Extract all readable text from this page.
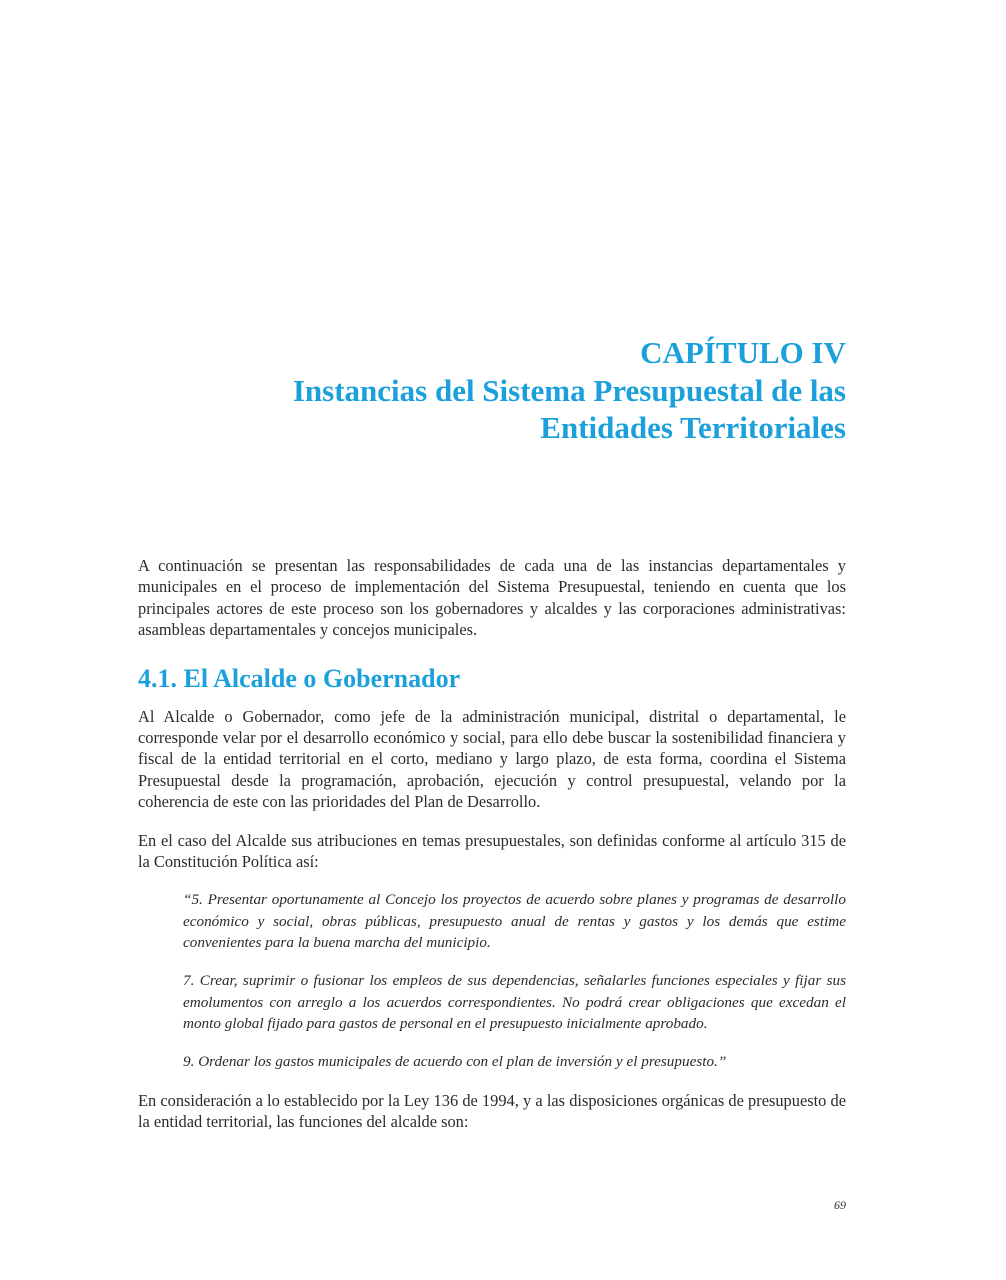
CAPÍTULO IV
Instancias del Sistema Presupuestal de las
Entidades Territoriales

A continuación se presentan las responsabilidades de cada una de las instancias departamentales y municipales en el proceso de implementación del Sistema Presupuestal, teniendo en cuenta que los principales actores de este proceso son los gobernadores y alcaldes y las corporaciones administrativas: asambleas departamentales y concejos municipales.

4.1. El Alcalde o Gobernador

Al Alcalde o Gobernador, como jefe de la administración municipal, distrital o departamental, le corresponde velar por el desarrollo económico y social, para ello debe buscar la sostenibilidad financiera y fiscal de la entidad territorial en el corto, mediano y largo plazo, de esta forma, coordina el Sistema Presupuestal desde la programación, aprobación, ejecución y control presupuestal, velando por la coherencia de este con las prioridades del Plan de Desarrollo.

En el caso del Alcalde sus atribuciones en temas presupuestales, son definidas conforme al artículo 315 de la Constitución Política así:

“5. Presentar oportunamente al Concejo los proyectos de acuerdo sobre planes y programas de desarrollo económico y social, obras públicas, presupuesto anual de rentas y gastos y los demás que estime convenientes para la buena marcha del municipio.

7. Crear, suprimir o fusionar los empleos de sus dependencias, señalarles funciones especiales y fijar sus emolumentos con arreglo a los acuerdos correspondientes. No podrá crear obligaciones que excedan el monto global fijado para gastos de personal en el presupuesto inicialmente aprobado.

9. Ordenar los gastos municipales de acuerdo con el plan de inversión y el presupuesto.”

En consideración a lo establecido por la Ley 136 de 1994, y a las disposiciones orgánicas de presupuesto de la entidad territorial, las funciones del alcalde son:

69
